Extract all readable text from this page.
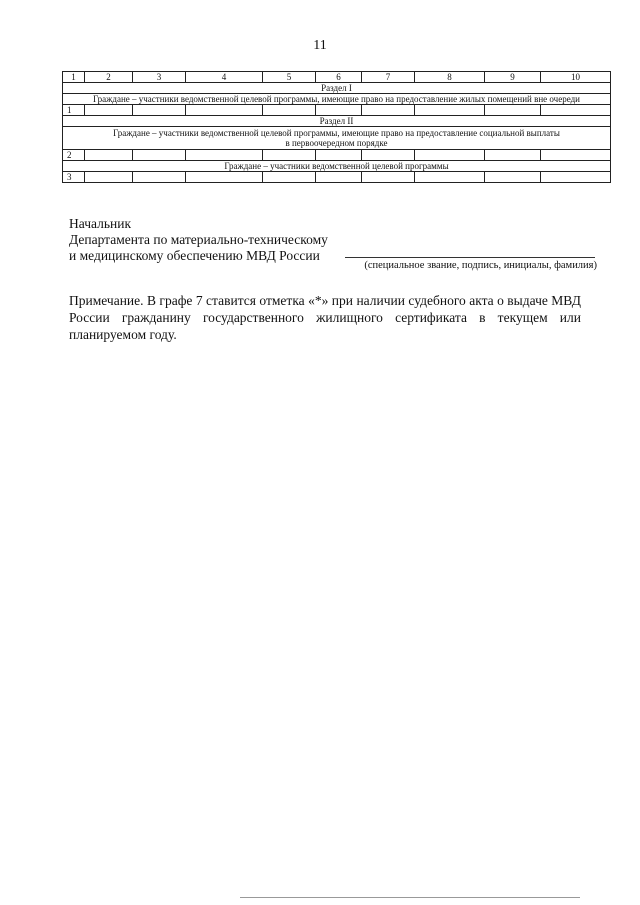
11
1	2	3	4	5	6	7	8	9	10
Раздел I									
Граждане – участники ведомственной целевой программы, имеющие право на предоставление жилых помещений вне очереди									
1									
Раздел II									

Граждане – участники ведомственной целевой программы, имеющие право на предоставление социальной выплаты
в первоочередном порядке									

2									
Граждане – участники ведомственной целевой программы									
3									
Начальник
Департамента по материально-техническому
и медицинскому обеспечению МВД России
(специальное звание, подпись, инициалы, фамилия)
Примечание. В графе 7 ставится отметка «*» при наличии судебного акта о выдаче МВД России гражданину государственного жилищного сертификата в текущем или планируемом году.
